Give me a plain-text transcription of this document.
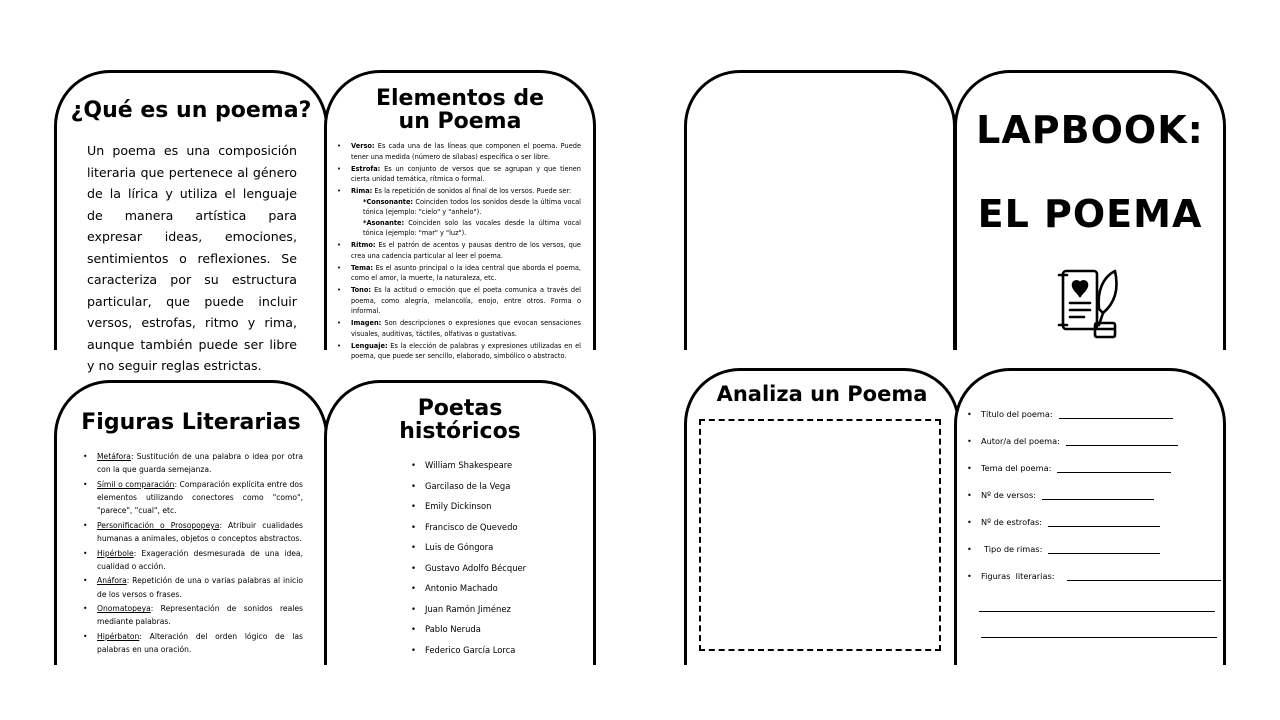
¿Qué es un poema?

Un poema es una composición literaria que pertenece al género de la lírica y utiliza el lenguaje de manera artística para expresar ideas, emociones, sentimientos o reflexiones. Se caracteriza por su estructura particular, que puede incluir versos, estrofas, ritmo y rima, aunque también puede ser libre y no seguir reglas estrictas.

Elementos de
un Poema
• Verso: Es cada una de las líneas que componen el poema. Puede tener una medida (número de sílabas) específica o ser libre.
• Estrofa: Es un conjunto de versos que se agrupan y que tienen cierta unidad temática, rítmica o formal.
• Rima: Es la repetición de sonidos al final de los versos. Puede ser:
*Consonante: Coinciden todos los sonidos desde la última vocal tónica (ejemplo: "cielo" y "anhelo").
*Asonante: Coinciden solo las vocales desde la última vocal tónica (ejemplo: "mar" y "luz").
• Ritmo: Es el patrón de acentos y pausas dentro de los versos, que crea una cadencia particular al leer el poema.
• Tema: Es el asunto principal o la idea central que aborda el poema, como el amor, la muerte, la naturaleza, etc.
• Tono: Es la actitud o emoción que el poeta comunica a través del poema, como alegría, melancolía, enojo, entre otros. Forma o informal.
• Imagen: Son descripciones o expresiones que evocan sensaciones visuales, auditivas, táctiles, olfativas o gustativas.
• Lenguaje: Es la elección de palabras y expresiones utilizadas en el poema, que puede ser sencillo, elaborado, simbólico o abstracto.
LAPBOOK:
EL POEMA
Figuras Literarias
• Metáfora: Sustitución de una palabra o idea por otra con la que guarda semejanza.
• Símil o comparación: Comparación explícita entre dos elementos utilizando conectores como "como", "parece", "cual", etc.
• Personificación o Prosopopeya: Atribuir cualidades humanas a animales, objetos o conceptos abstractos.
• Hipérbole: Exageración desmesurada de una idea, cualidad o acción.
• Anáfora: Repetición de una o varias palabras al inicio de los versos o frases.
• Onomatopeya: Representación de sonidos reales mediante palabras.
• Hipérbaton: Alteración del orden lógico de las palabras en una oración.
Poetas
históricos
• William Shakespeare
• Garcilaso de la Vega
• Emily Dickinson
• Francisco de Quevedo
• Luis de Góngora
• Gustavo Adolfo Bécquer
• Antonio Machado
• Juan Ramón Jiménez
• Pablo Neruda
• Federico García Lorca
Analiza un Poema
• Título del poema:
• Autor/a del poema:
• Tema del poema:
• Nº de versos:
• Nº de estrofas:
• Tipo de rimas:
• Figuras  literarias:
